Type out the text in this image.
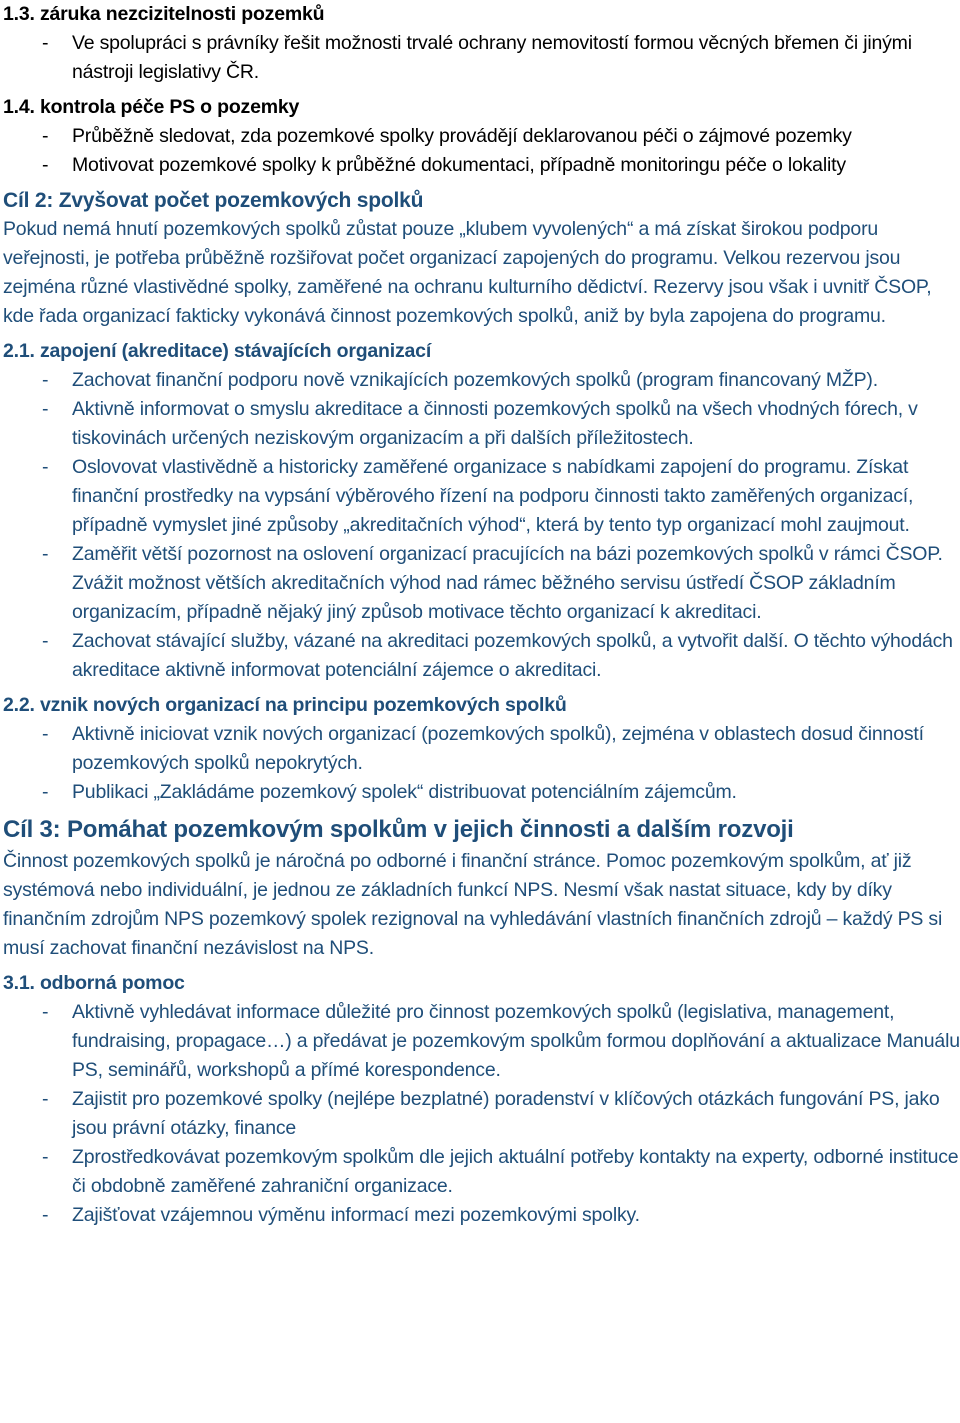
1.3. záruka nezcizitelnosti pozemků
- Ve spolupráci s právníky řešit možnosti trvalé ochrany nemovitostí formou věcných břemen či jinými nástroji legislativy ČR.
1.4. kontrola péče PS o pozemky
- Průběžně sledovat, zda pozemkové spolky provádějí deklarovanou péči o zájmové pozemky
- Motivovat pozemkové spolky k průběžné dokumentaci, případně monitoringu péče o lokality
Cíl 2: Zvyšovat počet pozemkových spolků

Pokud nemá hnutí pozemkových spolků zůstat pouze „klubem vyvolených“ a má získat širokou podporu veřejnosti, je potřeba průběžně rozšiřovat počet organizací zapojených do programu. Velkou rezervou jsou zejména různé vlastivědné spolky, zaměřené na ochranu kulturního dědictví. Rezervy jsou však i uvnitř ČSOP, kde řada organizací fakticky vykonává činnost pozemkových spolků, aniž by byla zapojena do programu.

2.1. zapojení (akreditace) stávajících organizací
- Zachovat finanční podporu nově vznikajících pozemkových spolků (program financovaný MŽP).
- Aktivně informovat o smyslu akreditace a činnosti pozemkových spolků na všech vhodných fórech, v tiskovinách určených neziskovým organizacím a při dalších příležitostech.
- Oslovovat vlastivědně a historicky zaměřené organizace s nabídkami zapojení do programu. Získat finanční prostředky na vypsání výběrového řízení na podporu činnosti takto zaměřených organizací, případně vymyslet jiné způsoby „akreditačních výhod“, která by tento typ organizací mohl zaujmout.
- Zaměřit větší pozornost na oslovení organizací pracujících na bázi pozemkových spolků v rámci ČSOP. Zvážit možnost větších akreditačních výhod nad rámec běžného servisu ústředí ČSOP základním organizacím, případně nějaký jiný způsob motivace těchto organizací k akreditaci.
- Zachovat stávající služby, vázané na akreditaci pozemkových spolků, a vytvořit další. O těchto výhodách akreditace aktivně informovat potenciální zájemce o akreditaci.
2.2. vznik nových organizací na principu pozemkových spolků
- Aktivně iniciovat vznik nových organizací (pozemkových spolků), zejména v oblastech dosud činností pozemkových spolků nepokrytých.
- Publikaci „Zakládáme pozemkový spolek“ distribuovat potenciálním zájemcům.
Cíl 3: Pomáhat pozemkovým spolkům v jejich činnosti a dalším rozvoji

Činnost pozemkových spolků je náročná po odborné i finanční stránce. Pomoc pozemkovým spolkům, ať již systémová nebo individuální, je jednou ze základních funkcí NPS. Nesmí však nastat situace, kdy by díky finančním zdrojům NPS pozemkový spolek rezignoval na vyhledávání vlastních finančních zdrojů – každý PS si musí zachovat finanční nezávislost na NPS.

3.1. odborná pomoc
- Aktivně vyhledávat informace důležité pro činnost pozemkových spolků (legislativa, management, fundraising, propagace…) a předávat je pozemkovým spolkům formou doplňování a aktualizace Manuálu PS, seminářů, workshopů a přímé korespondence.
- Zajistit pro pozemkové spolky (nejlépe bezplatné) poradenství v klíčových otázkách fungování PS, jako jsou právní otázky, finance
- Zprostředkovávat pozemkovým spolkům dle jejich aktuální potřeby kontakty na experty, odborné instituce či obdobně zaměřené zahraniční organizace.
- Zajišťovat vzájemnou výměnu informací mezi pozemkovými spolky.
